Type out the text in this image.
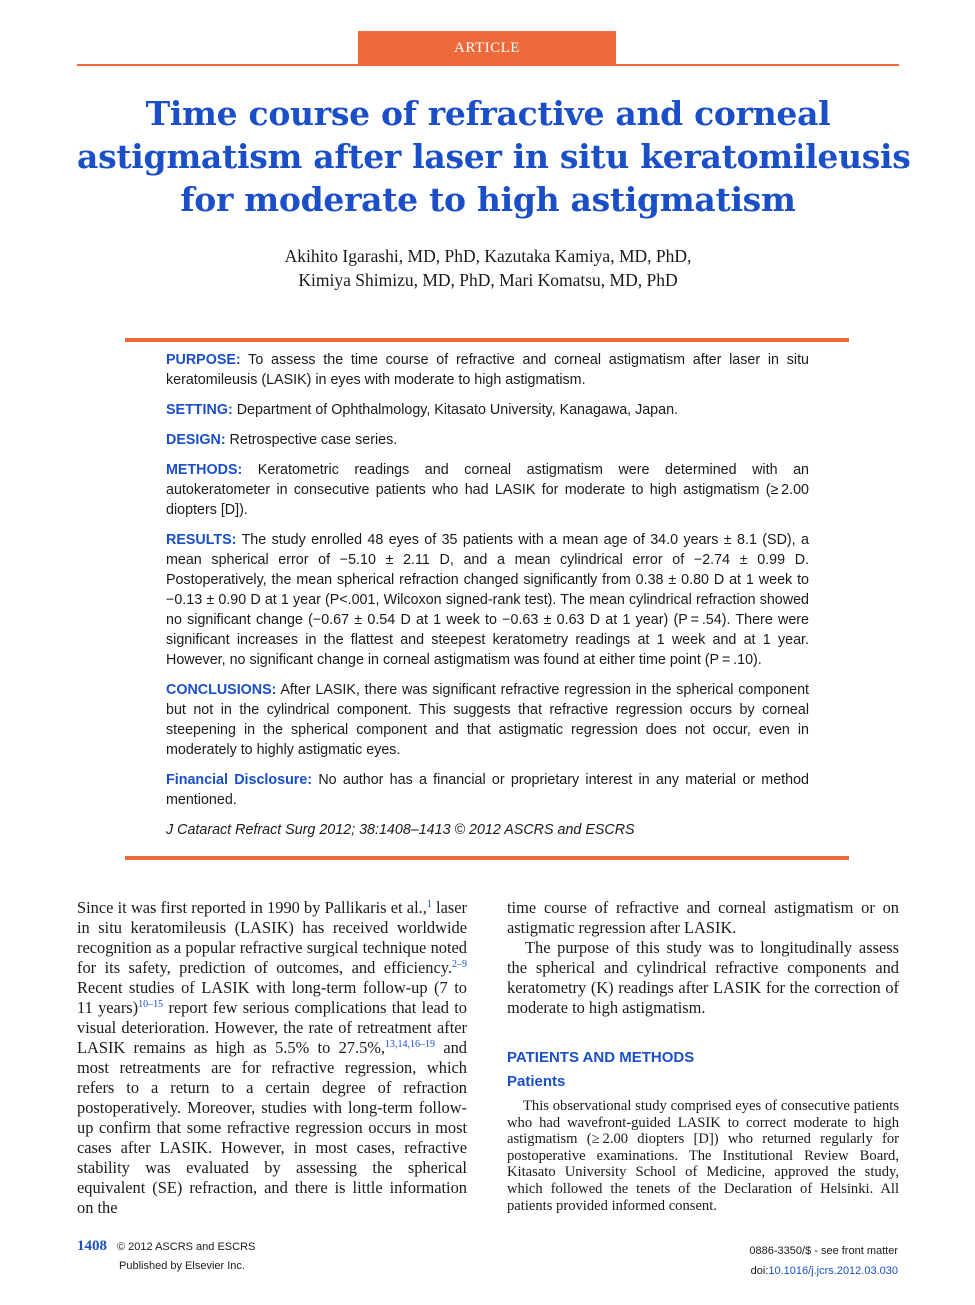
ARTICLE
Time course of refractive and corneal
astigmatism after laser in situ keratomileusis
for moderate to high astigmatism
Akihito Igarashi, MD, PhD, Kazutaka Kamiya, MD, PhD,
Kimiya Shimizu, MD, PhD, Mari Komatsu, MD, PhD

PURPOSE: To assess the time course of refractive and corneal astigmatism after laser in situ keratomileusis (LASIK) in eyes with moderate to high astigmatism.

SETTING: Department of Ophthalmology, Kitasato University, Kanagawa, Japan.

DESIGN: Retrospective case series.

METHODS: Keratometric readings and corneal astigmatism were determined with an autokeratometer in consecutive patients who had LASIK for moderate to high astigmatism (≥ 2.00 diopters [D]).

RESULTS: The study enrolled 48 eyes of 35 patients with a mean age of 34.0 years ± 8.1 (SD), a mean spherical error of −5.10 ± 2.11 D, and a mean cylindrical error of −2.74 ± 0.99 D. Postoperatively, the mean spherical refraction changed significantly from 0.38 ± 0.80 D at 1 week to −0.13 ± 0.90 D at 1 year (P<.001, Wilcoxon signed-rank test). The mean cylindrical refraction showed no significant change (−0.67 ± 0.54 D at 1 week to −0.63 ± 0.63 D at 1 year) (P = .54). There were significant increases in the flattest and steepest keratometry readings at 1 week and at 1 year. However, no significant change in corneal astigmatism was found at either time point (P = .10).

CONCLUSIONS: After LASIK, there was significant refractive regression in the spherical component but not in the cylindrical component. This suggests that refractive regression occurs by corneal steepening in the spherical component and that astigmatic regression does not occur, even in moderately to highly astigmatic eyes.

Financial Disclosure: No author has a financial or proprietary interest in any material or method mentioned.

J Cataract Refract Surg 2012; 38:1408–1413 © 2012 ASCRS and ESCRS

Since it was first reported in 1990 by Pallikaris et al.,$^1$ laser in situ keratomileusis (LASIK) has received worldwide recognition as a popular refractive surgical technique noted for its safety, prediction of outcomes, and efficiency.$^{2-9}$ Recent studies of LASIK with long-term follow-up (7 to 11 years)$^{10-15}$ report few serious complications that lead to visual deterioration. However, the rate of retreatment after LASIK remains as high as 5.5% to 27.5%,$^{13,14,16-19}$ and most retreatments are for refractive regression, which refers to a return to a certain degree of refraction postoperatively. Moreover, studies with long-term follow-up confirm that some refractive regression occurs in most cases after LASIK. However, in most cases, refractive stability was evaluated by assessing the spherical equivalent (SE) refraction, and there is little information on the

time course of refractive and corneal astigmatism or on astigmatic regression after LASIK.

The purpose of this study was to longitudinally assess the spherical and cylindrical refractive components and keratometry (K) readings after LASIK for the correction of moderate to high astigmatism.

PATIENTS AND METHODS

Patients

This observational study comprised eyes of consecutive patients who had wavefront-guided LASIK to correct moderate to high astigmatism (≥ 2.00 diopters [D]) who returned regularly for postoperative examinations. The Institutional Review Board, Kitasato University School of Medicine, approved the study, which followed the tenets of the Declaration of Helsinki. All patients provided informed consent.

1408 © 2012 ASCRS and ESCRS
Published by Elsevier Inc.
0886-3350/$ - see front matter
doi:10.1016/j.jcrs.2012.03.030
